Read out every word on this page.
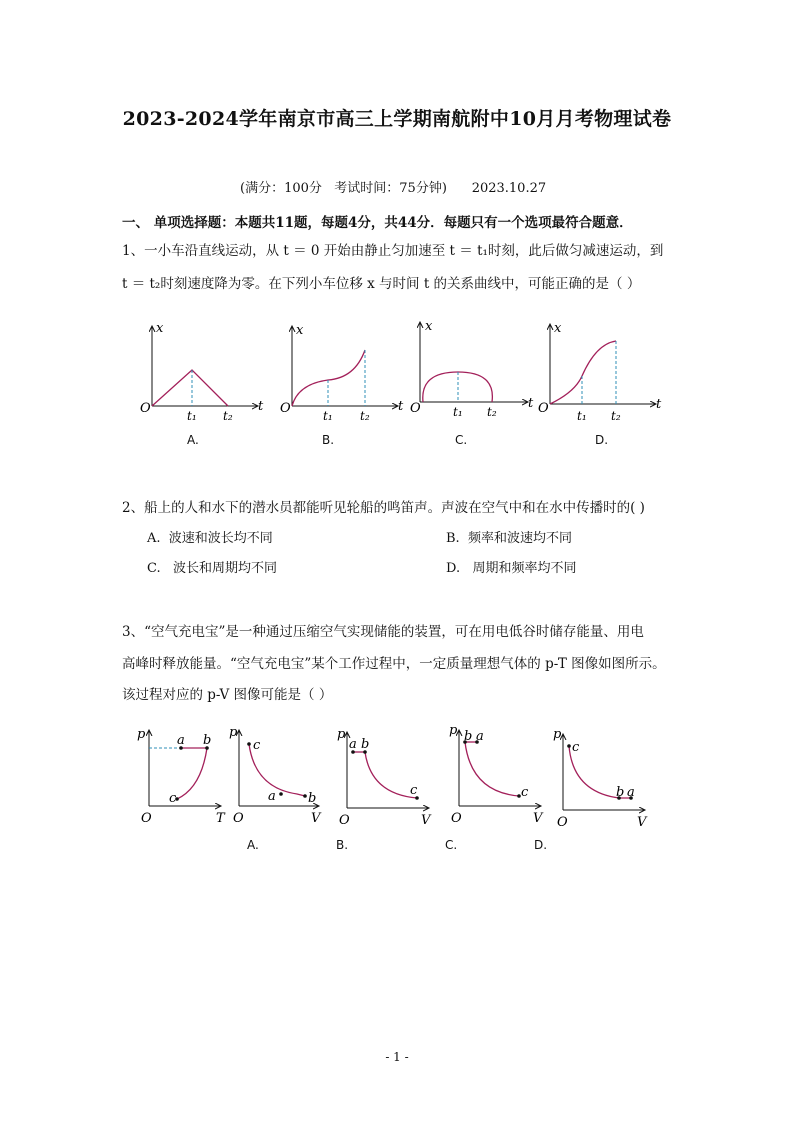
2023-2024学年南京市高三上学期南航附中10月月考物理试卷
(满分：100分   考试时间：75分钟)      2023.10.27
一、 单项选择题：本题共11题，每题4分，共44分．每题只有一个选项最符合题意．
1、一小车沿直线运动，从 t ＝ 0 开始由静止匀加速至 t ＝ t₁时刻，此后做匀减速运动，到
t ＝ t₂时刻速度降为零。在下列小车位移 x 与时间 t 的关系曲线中，可能正确的是（ ）
x
t
O	t₁ t₂
x
t
O	t₁ t₂
x
t
O	t₁ t₂
x
t
O t₁ t₂
A.	B.	C.	D.
2、船上的人和水下的潜水员都能听见轮船的鸣笛声。声波在空气中和在水中传播时的( )
A.  波速和波长均不同	B.  频率和波速均不同
C.   波长和周期均不同	D.   周期和频率均不同
3、“空气充电宝”是一种通过压缩空气实现储能的装置，可在用电低谷时储存能量、用电
高峰时释放能量。“空气充电宝”某个工作过程中，一定质量理想气体的 p-T 图像如图所示。
该过程对应的 p-V 图像可能是（ ）
p
T
O
a b
c
p
V
O
c
a b
p
V
O
a b
c
p
V
O
b a
c
p
V
O
c
b a
A.	B.	C.	D.
- 1 -
